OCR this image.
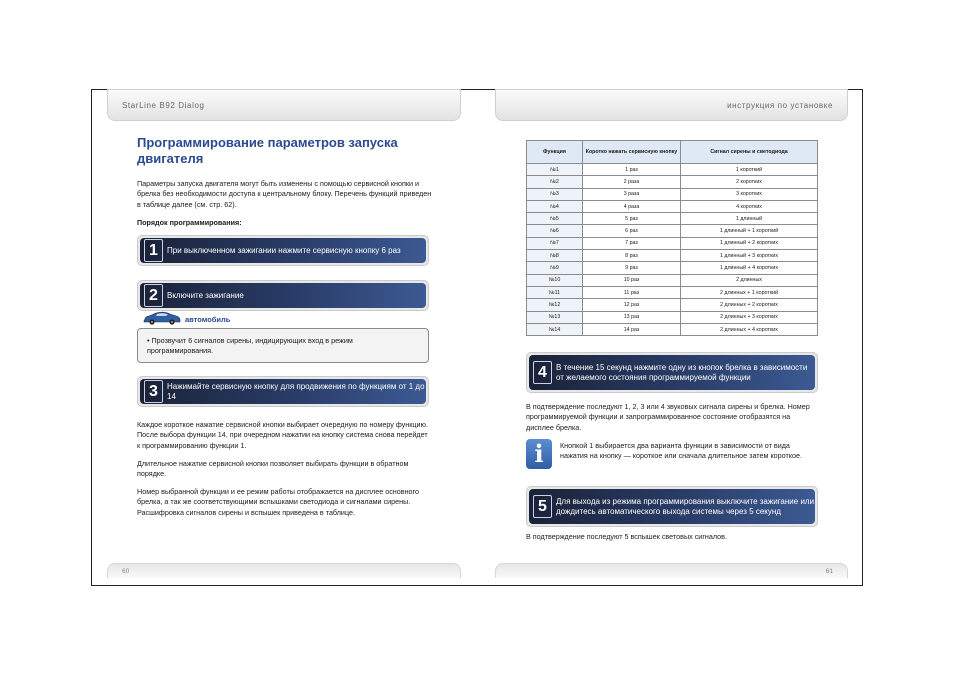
StarLine B92 Dialog	инструкция по установке
Программирование параметров запуска двигателя

Параметры запуска двигателя могут быть изменены с помощью сервисной кнопки и брелка без необходимости доступа к центральному блоку. Перечень функций приведен в таблице далее (см. стр. 62).

Порядок программирования:

1	При выключенном зажигании нажмите сервисную кнопку 6 раз
2	Включите зажигание
автомобиль
• Прозвучит 6 сигналов сирены, индицирующих вход в режим программирования.
3	Нажимайте сервисную кнопку для продвижения по функциям от 1 до 14

Каждое короткое нажатие сервисной кнопки выбирает очередную по номеру функцию. После выбора функции 14, при очередном нажатии на кнопку система снова перейдет к программированию функции 1.

Длительное нажатие сервисной кнопки позволяет выбирать функции в обратном порядке.

Номер выбранной функции и ее режим работы отображается на дисплее основного брелка, а так же соответствующими вспышками светодиода и сигналами сирены. Расшифровка сигналов сирены и вспышек приведена в таблице.

Функция	Коротко нажать сервисную кнопку	Сигнал сирены и светодиода
№1	1 раз	1 короткий
№2	2 раза	2 коротких
№3	3 раза	3 коротких
№4	4 раза	4 коротких
№5	5 раз	1 длинный
№6	6 раз	1 длинный + 1 короткий
№7	7 раз	1 длинный + 2 коротких
№8	8 раз	1 длинный + 3 коротких
№9	9 раз	1 длинный + 4 коротких
№10	10 раз	2 длинных
№11	11 раз	2 длинных + 1 короткий
№12	12 раз	2 длинных + 2 коротких
№13	13 раз	2 длинных + 3 коротких
№14	14 раз	2 длинных + 4 коротких
4	В течение 15 секунд нажмите одну из кнопок брелка в зависимости от желаемого состояния программируемой функции

В подтверждение последуют 1, 2, 3 или 4 звуковых сигнала сирены и брелка. Номер программируемой функции и запрограммированное состояние отобразятся на дисплее брелка.

i	Кнопкой 1 выбирается два варианта функции в зависимости от вида нажатия на кнопку — короткое или сначала длительное затем короткое.

5	Для выхода из режима программирования выключите зажигание или дождитесь автоматического выхода системы через 5 секунд

В подтверждение последуют 5 вспышек световых сигналов.

60	61
